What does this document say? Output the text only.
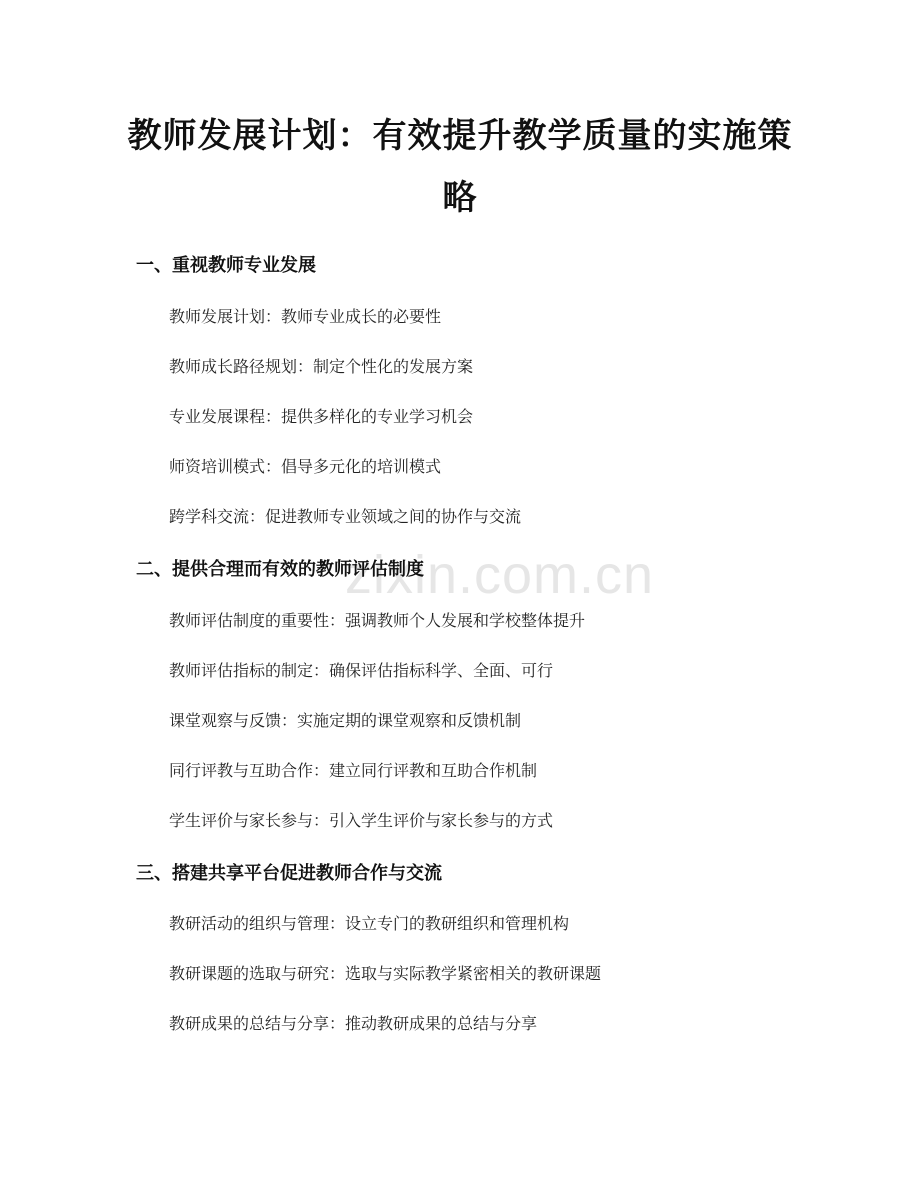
zixin.com.cn
教师发展计划：有效提升教学质量的实施策略
一、重视教师专业发展
教师发展计划：教师专业成长的必要性
教师成长路径规划：制定个性化的发展方案
专业发展课程：提供多样化的专业学习机会
师资培训模式：倡导多元化的培训模式
跨学科交流：促进教师专业领域之间的协作与交流
二、提供合理而有效的教师评估制度
教师评估制度的重要性：强调教师个人发展和学校整体提升
教师评估指标的制定：确保评估指标科学、全面、可行
课堂观察与反馈：实施定期的课堂观察和反馈机制
同行评教与互助合作：建立同行评教和互助合作机制
学生评价与家长参与：引入学生评价与家长参与的方式
三、搭建共享平台促进教师合作与交流
教研活动的组织与管理：设立专门的教研组织和管理机构
教研课题的选取与研究：选取与实际教学紧密相关的教研课题
教研成果的总结与分享：推动教研成果的总结与分享
